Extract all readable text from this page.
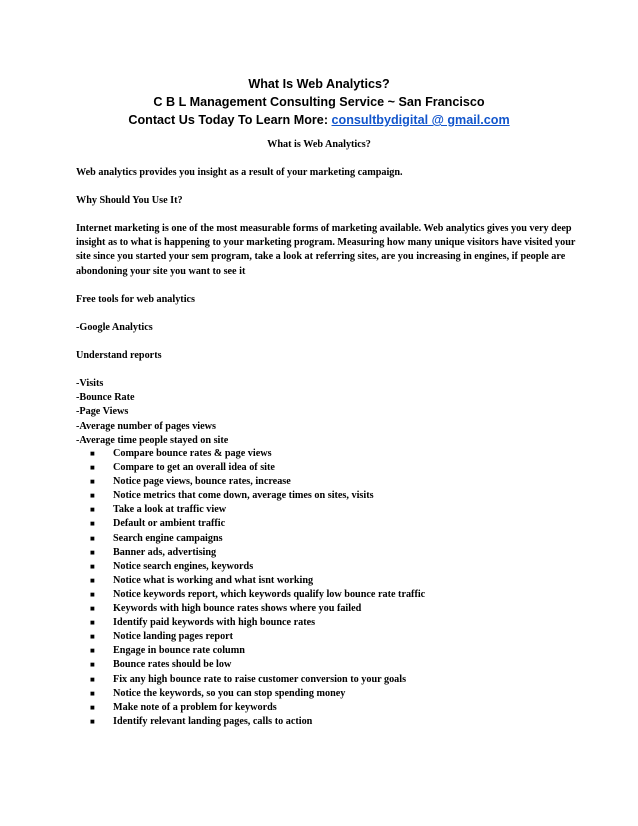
What Is Web Analytics?
C B L Management Consulting Service ~ San Francisco
Contact Us Today To Learn More: consultbydigital @ gmail.com
What is Web Analytics?

Web analytics provides you insight as a result of your marketing campaign.

Why Should You Use It?

Internet marketing is one of the most measurable forms of marketing available. Web analytics gives you very deep insight as to what is happening to your marketing program. Measuring how many unique visitors have visited your site since you started your sem program, take a look at referring sites, are you increasing in engines, if people are abondoning your site you want to see it

Free tools for web analytics

-Google Analytics

Understand reports

-Visits
-Bounce Rate
-Page Views
-Average number of pages views
-Average time people stayed on site
■	Compare bounce rates & page views
■	Compare to get an overall idea of site
■	Notice page views, bounce rates, increase
■	Notice metrics that come down, average times on sites, visits
■	Take a look at traffic view
■	Default or ambient traffic
■	Search engine campaigns
■	Banner ads, advertising
■	Notice search engines, keywords
■	Notice what is working and what isnt working
■	Notice keywords report, which keywords qualify low bounce rate traffic
■	Keywords with high bounce rates shows where you failed
■	Identify paid keywords with high bounce rates
■	Notice landing pages report
■	Engage in bounce rate column
■	Bounce rates should be low
■	Fix any high bounce rate to raise customer conversion to your goals
■	Notice the keywords, so you can stop spending money
■	Make note of a problem for keywords
■	Identify relevant landing pages, calls to action
